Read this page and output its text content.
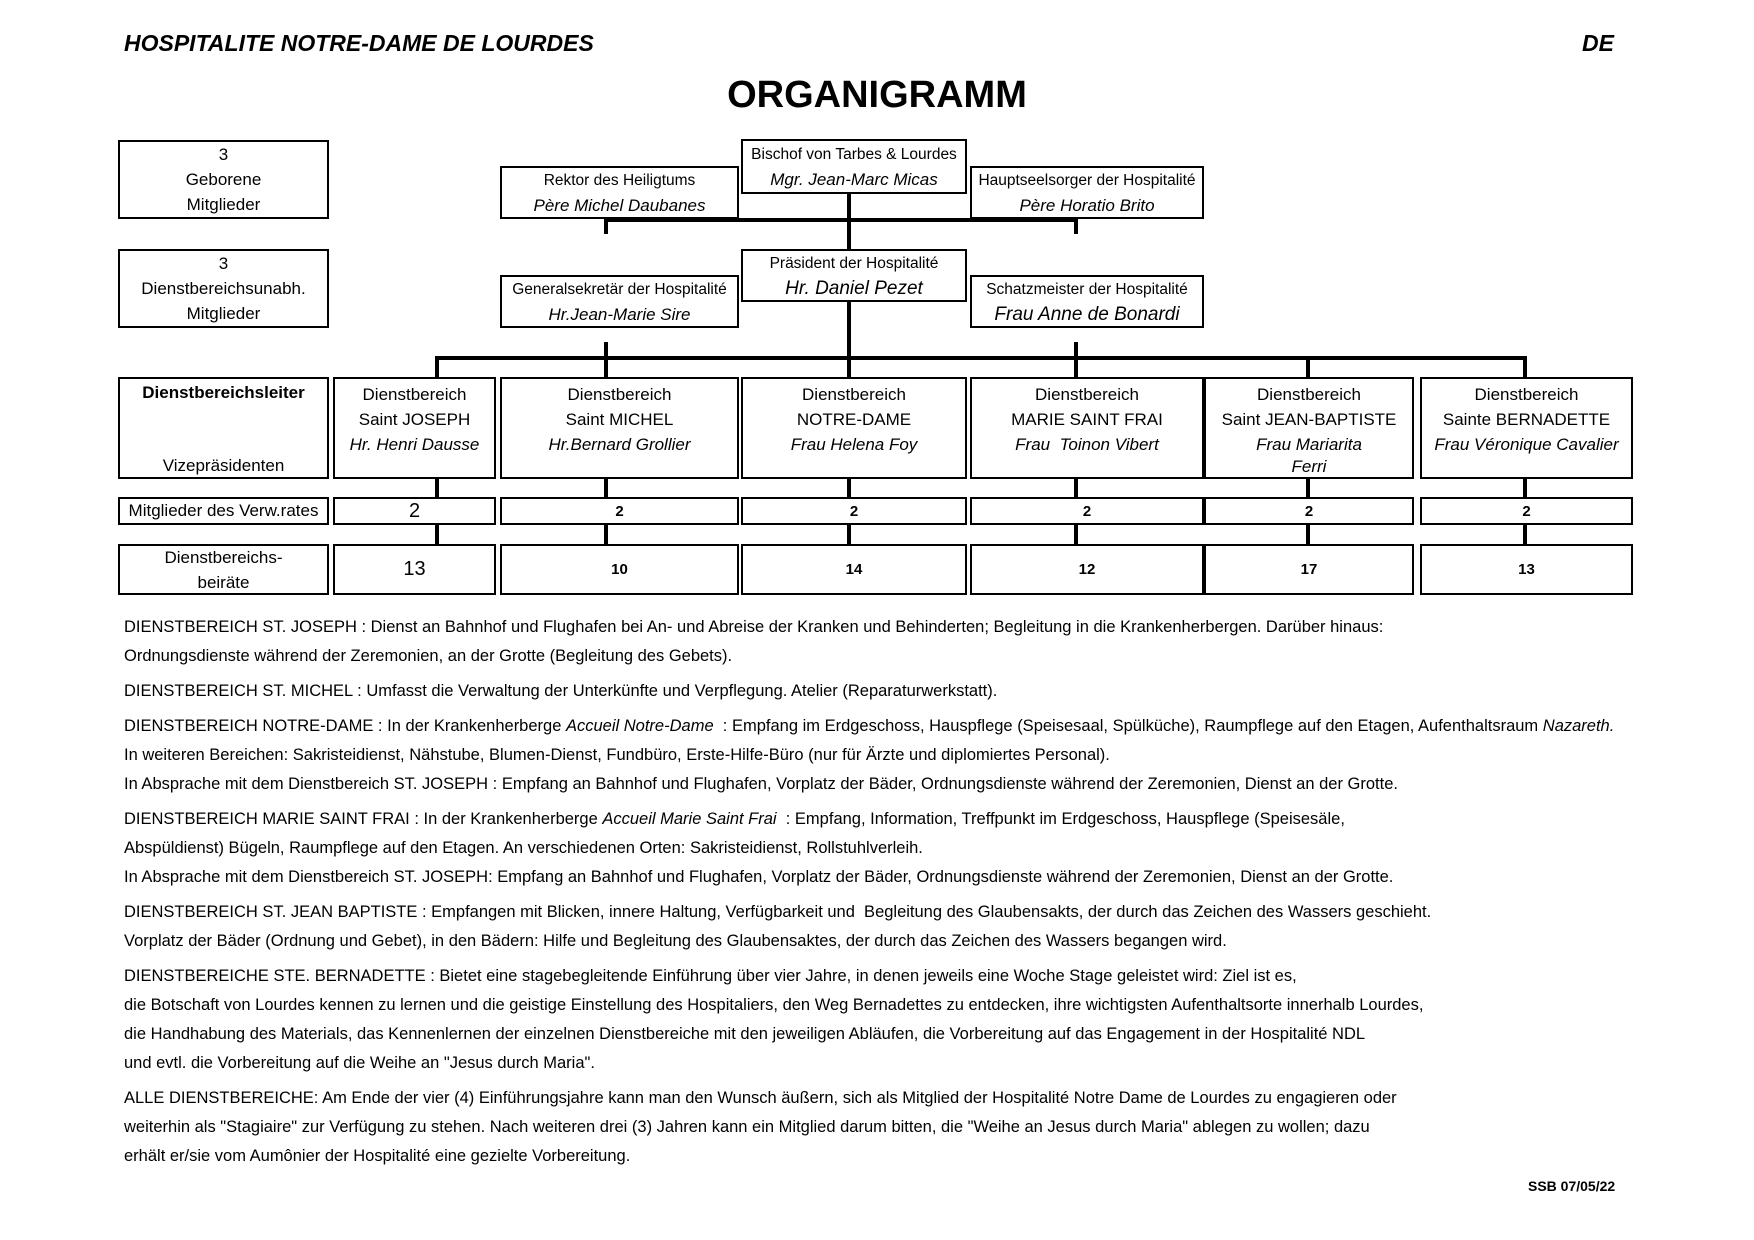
HOSPITALITE NOTRE-DAME DE LOURDES	DE
ORGANIGRAMM
3
Geborene
Mitglieder
3
Dienstbereichsunabh.
Mitglieder
Bischof von Tarbes & Lourdes
Mgr. Jean-Marc Micas
Rektor des Heiligtums
Père Michel Daubanes
Hauptseelsorger der Hospitalité
Père Horatio Brito
Präsident der Hospitalité
Hr. Daniel Pezet
Generalsekretär der Hospitalité
Hr.Jean-Marie Sire
Schatzmeister der Hospitalité
Frau Anne de Bonardi
Dienstbereichsleiter
Vizepräsidenten
Mitglieder des Verw.rates
Dienstbereichs-
beiräte
Dienstbereich
Saint JOSEPH
Hr. Henri Dausse
2
13
Dienstbereich
Saint MICHEL
Hr.Bernard Grollier
2
10
Dienstbereich
NOTRE-DAME
Frau Helena Foy
2
14
Dienstbereich
MARIE SAINT FRAI
Frau  Toinon Vibert
2
12
Dienstbereich
Saint JEAN-BAPTISTE
Frau Mariarita
Ferri
2
17
Dienstbereich
Sainte BERNADETTE
Frau Véronique Cavalier
2
13

DIENSTBEREICH ST. JOSEPH : Dienst an Bahnhof und Flughafen bei An- und Abreise der Kranken und Behinderten; Begleitung in die Krankenherbergen. Darüber hinaus:
Ordnungsdienste während der Zeremonien, an der Grotte (Begleitung des Gebets).

DIENSTBEREICH ST. MICHEL : Umfasst die Verwaltung der Unterkünfte und Verpflegung. Atelier (Reparaturwerkstatt).

DIENSTBEREICH NOTRE-DAME : In der Krankenherberge Accueil Notre-Dame  : Empfang im Erdgeschoss, Hauspflege (Speisesaal, Spülküche), Raumpflege auf den Etagen, Aufenthaltsraum Nazareth.
In weiteren Bereichen: Sakristeidienst, Nähstube, Blumen-Dienst, Fundbüro, Erste-Hilfe-Büro (nur für Ärzte und diplomiertes Personal).
In Absprache mit dem Dienstbereich ST. JOSEPH : Empfang an Bahnhof und Flughafen, Vorplatz der Bäder, Ordnungsdienste während der Zeremonien, Dienst an der Grotte.

DIENSTBEREICH MARIE SAINT FRAI : In der Krankenherberge Accueil Marie Saint Frai  : Empfang, Information, Treffpunkt im Erdgeschoss, Hauspflege (Speisesäle,
Abspüldienst) Bügeln, Raumpflege auf den Etagen. An verschiedenen Orten: Sakristeidienst, Rollstuhlverleih.
In Absprache mit dem Dienstbereich ST. JOSEPH: Empfang an Bahnhof und Flughafen, Vorplatz der Bäder, Ordnungsdienste während der Zeremonien, Dienst an der Grotte.

DIENSTBEREICH ST. JEAN BAPTISTE : Empfangen mit Blicken, innere Haltung, Verfügbarkeit und  Begleitung des Glaubensakts, der durch das Zeichen des Wassers geschieht.
Vorplatz der Bäder (Ordnung und Gebet), in den Bädern: Hilfe und Begleitung des Glaubensaktes, der durch das Zeichen des Wassers begangen wird.

DIENSTBEREICHE STE. BERNADETTE : Bietet eine stagebegleitende Einführung über vier Jahre, in denen jeweils eine Woche Stage geleistet wird: Ziel ist es,
die Botschaft von Lourdes kennen zu lernen und die geistige Einstellung des Hospitaliers, den Weg Bernadettes zu entdecken, ihre wichtigsten Aufenthaltsorte innerhalb Lourdes,
die Handhabung des Materials, das Kennenlernen der einzelnen Dienstbereiche mit den jeweiligen Abläufen, die Vorbereitung auf das Engagement in der Hospitalité NDL
und evtl. die Vorbereitung auf die Weihe an "Jesus durch Maria".

ALLE DIENSTBEREICHE: Am Ende der vier (4) Einführungsjahre kann man den Wunsch äußern, sich als Mitglied der Hospitalité Notre Dame de Lourdes zu engagieren oder
weiterhin als "Stagiaire" zur Verfügung zu stehen. Nach weiteren drei (3) Jahren kann ein Mitglied darum bitten, die "Weihe an Jesus durch Maria" ablegen zu wollen; dazu
erhält er/sie vom Aumônier der Hospitalité eine gezielte Vorbereitung.

SSB 07/05/22
